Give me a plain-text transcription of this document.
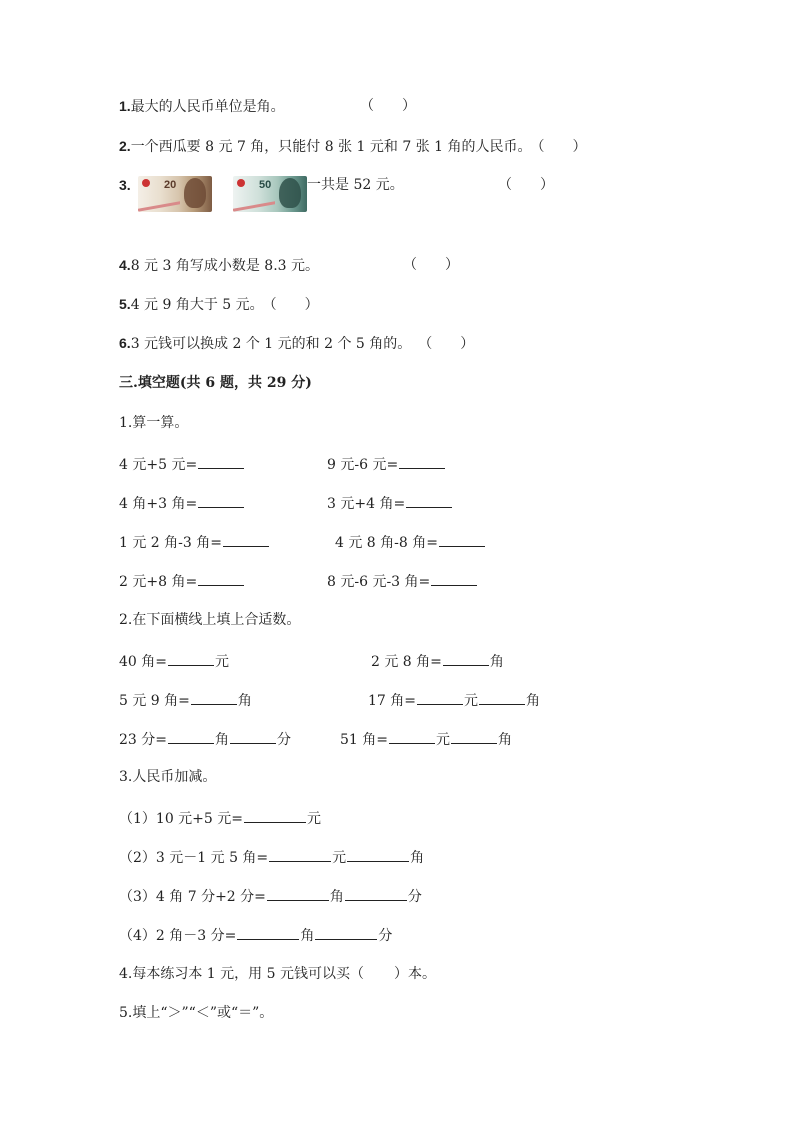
1.最大的人民币单位是角。	（　　）
2.一个西瓜要 8 元 7 角，只能付 8 张 1 元和 7 张 1 角的人民币。 （　　）
3.	20	50	一共是 52 元。	（　　）
4.8 元 3 角写成小数是 8.3 元。	（　　）
5.4 元 9 角大于 5 元。 （　　）
6.3 元钱可以换成 2 个 1 元的和 2 个 5 角的。 （　　）
三.填空题(共 6 题，共 29 分)
1.算一算。
4 元+5 元=	9 元-6 元=
4 角+3 角=	3 元+4 角=
1 元 2 角-3 角=	4 元 8 角-8 角=
2 元+8 角=	8 元-6 元-3 角=
2.在下面横线上填上合适数。
40 角=	元	2 元 8 角=	角
5 元 9 角=	角	17 角=	元	角
23 分=	角	分	51 角=	元	角
3.人民币加减。
（1）10 元+5 元=	元
（2）3 元－1 元 5 角=	元	角
（3）4 角 7 分+2 分=	角	分
（4）2 角－3 分=	角	分
4.每本练习本 1 元，用 5 元钱可以买（ ）本。
5.填上“＞”“＜”或“＝”。
